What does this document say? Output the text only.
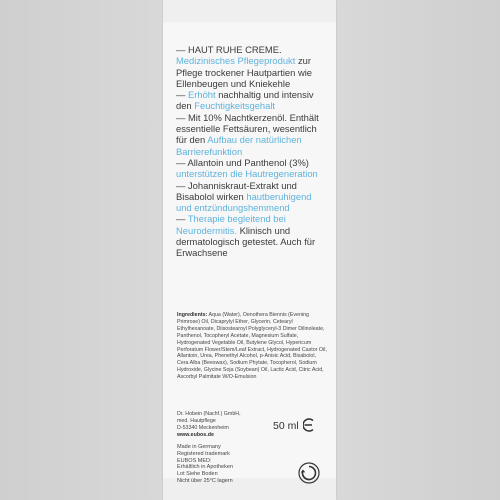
— HAUT RUHE CREME.

Medizinisches Pflegeprodukt zur Pflege trockener Hautpartien wie Ellenbeugen und Kniekehle

— Erhöht nachhaltig und intensiv den Feuchtigkeitsgehalt

— Mit 10% Nachtkerzenöl. Enthält essentielle Fettsäuren, wesentlich für den Aufbau der natürlichen Barrierefunktion

— Allantoin und Panthenol (3%) unterstützen die Hautregeneration

— Johanniskraut-Extrakt und Bisabolol wirken hautberuhigend und entzündungshemmend

— Therapie begleitend bei Neurodermitis. Klinisch und dermatologisch getestet. Auch für Erwachsene

Ingredients: Aqua (Water), Oenothera Biennis (Evening Primrose) Oil, Dicaprylyl Ether, Glycerin, Cetearyl Ethylhexanoate, Diisostearoyl Polyglyceryl-3 Dimer Dilinoleate, Panthenol, Tocopheryl Acetate, Magnesium Sulfate, Hydrogenated Vegetable Oil, Butylene Glycol, Hypericum Perforatum Flower/Stem/Leaf Extract, Hydrogenated Castor Oil, Allantoin, Urea, Phenethyl Alcohol, p-Anisic Acid, Bisabolol, Cera Alba (Beeswax), Sodium Phytate, Tocopherol, Sodium Hydroxide, Glycine Soja (Soybean) Oil, Lactic Acid, Citric Acid, Ascorbyl Palmitate W/O-Emulsion
Dr. Hobein (Nachf.) GmbH,
med. Hautpflege
D-53340 Meckenheim
www.eubos.de
50 ml
Made in Germany
Registered trademark
EUBOS MED:
Erhältlich in Apotheken
Lot Siehe Boden
Nicht über 25°C lagern
